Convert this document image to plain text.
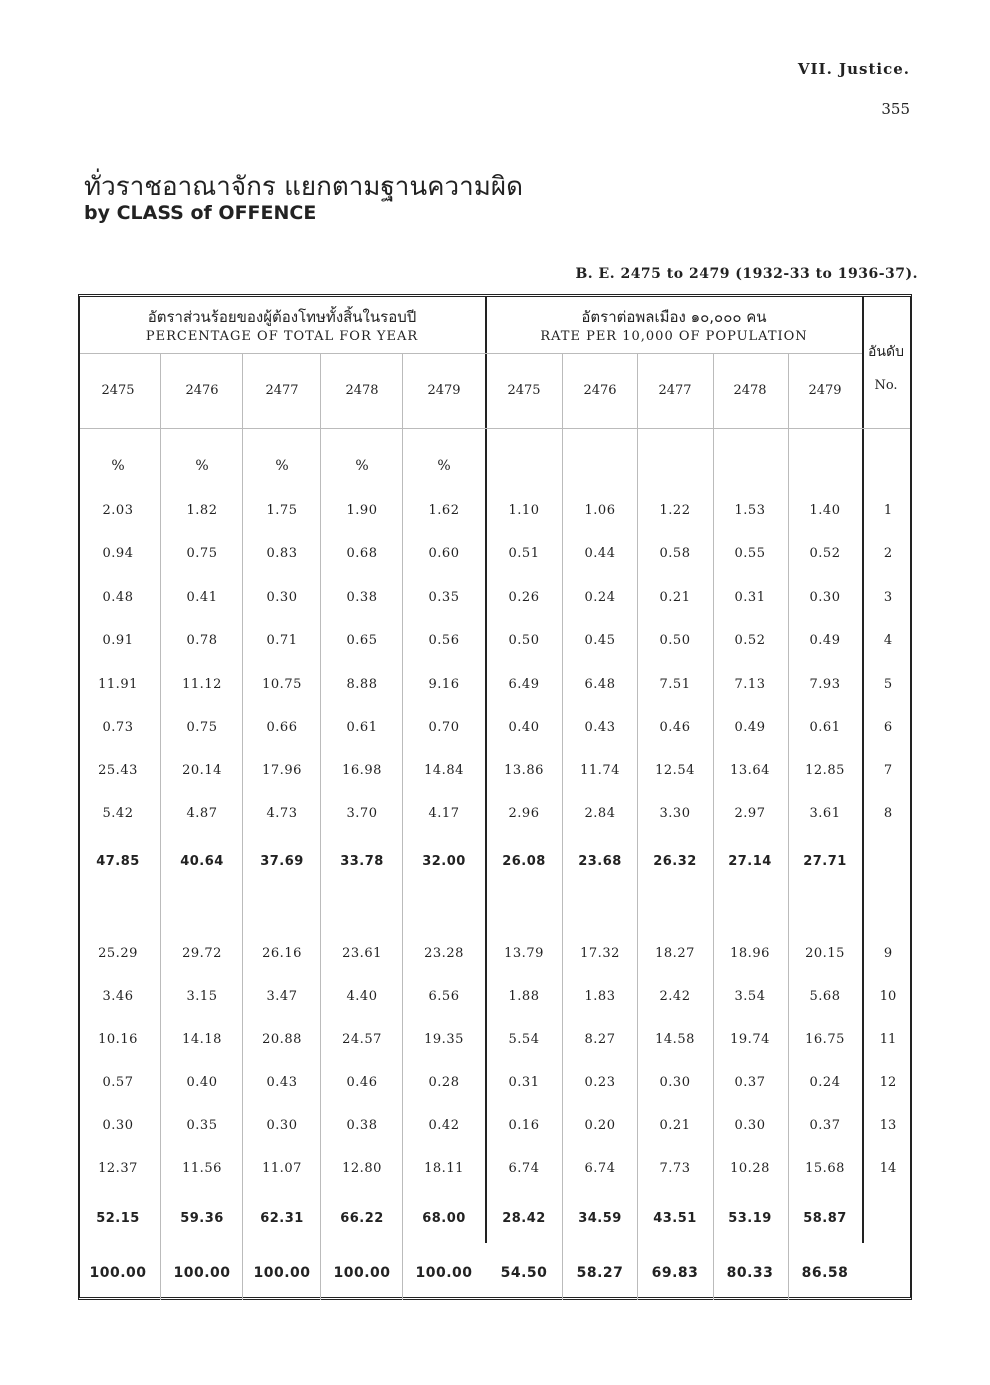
VII. Justice.
355
ทั่วราชอาณาจักร แยกตามฐานความผิด
by CLASS of OFFENCE
B. E. 2475 to 2479 (1932-33 to 1936-37).
อัตราส่วนร้อยของผู้ต้องโทษทั้งสิ้นในรอบปี
PERCENTAGE OF TOTAL FOR YEAR
อัตราต่อพลเมือง ๑๐,๐๐๐ คน
RATE PER 10,000 OF POPULATION
อันดับ
No.
2475	2476	2477	2478	2479	2475	2476	2477	2478	2479
%	%	%	%	%
2.03	1.82	1.75	1.90	1.62	1.10	1.06	1.22	1.53	1.40	1
0.94	0.75	0.83	0.68	0.60	0.51	0.44	0.58	0.55	0.52	2
0.48	0.41	0.30	0.38	0.35	0.26	0.24	0.21	0.31	0.30	3
0.91	0.78	0.71	0.65	0.56	0.50	0.45	0.50	0.52	0.49	4
11.91	11.12	10.75	8.88	9.16	6.49	6.48	7.51	7.13	7.93	5
0.73	0.75	0.66	0.61	0.70	0.40	0.43	0.46	0.49	0.61	6
25.43	20.14	17.96	16.98	14.84	13.86	11.74	12.54	13.64	12.85	7
5.42	4.87	4.73	3.70	4.17	2.96	2.84	3.30	2.97	3.61	8
47.85	40.64	37.69	33.78	32.00	26.08	23.68	26.32	27.14	27.71
25.29	29.72	26.16	23.61	23.28	13.79	17.32	18.27	18.96	20.15	9
3.46	3.15	3.47	4.40	6.56	1.88	1.83	2.42	3.54	5.68	10
10.16	14.18	20.88	24.57	19.35	5.54	8.27	14.58	19.74	16.75	11
0.57	0.40	0.43	0.46	0.28	0.31	0.23	0.30	0.37	0.24	12
0.30	0.35	0.30	0.38	0.42	0.16	0.20	0.21	0.30	0.37	13
12.37	11.56	11.07	12.80	18.11	6.74	6.74	7.73	10.28	15.68	14
52.15	59.36	62.31	66.22	68.00	28.42	34.59	43.51	53.19	58.87
100.00 100.00 100.00 100.00 100.00	54.50	58.27	69.83	80.33	86.58
